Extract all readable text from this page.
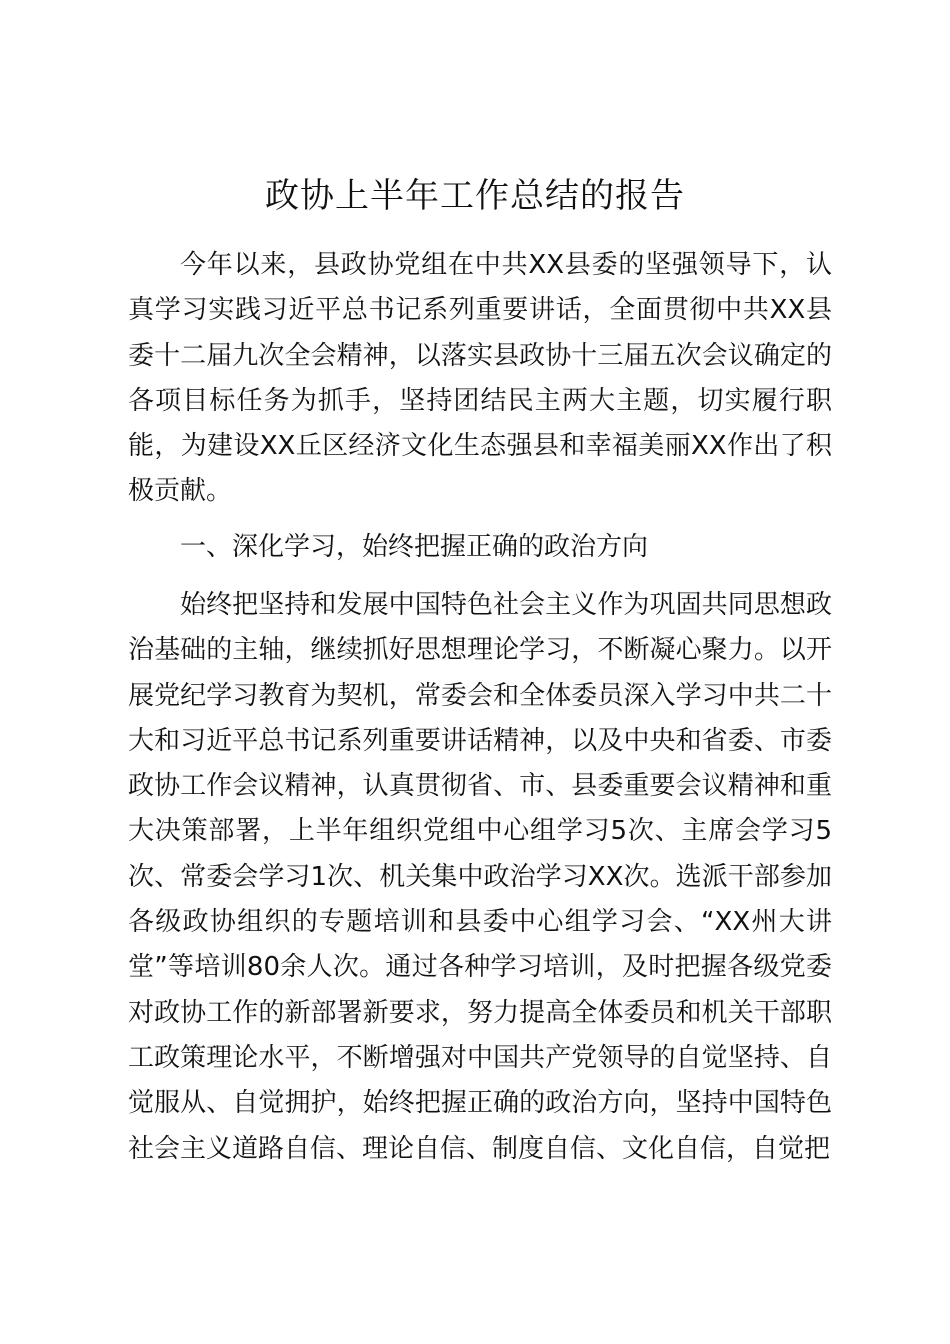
政协上半年工作总结的报告

今年以来，县政协党组在中共XX县委的坚强领导下，认真学习实践习近平总书记系列重要讲话，全面贯彻中共XX县委十二届九次全会精神，以落实县政协十三届五次会议确定的各项目标任务为抓手，坚持团结民主两大主题，切实履行职能，为建设XX丘区经济文化生态强县和幸福美丽XX作出了积极贡献。

一、深化学习，始终把握正确的政治方向

始终把坚持和发展中国特色社会主义作为巩固共同思想政治基础的主轴，继续抓好思想理论学习，不断凝心聚力。以开展党纪学习教育为契机，常委会和全体委员深入学习中共二十大和习近平总书记系列重要讲话精神，以及中央和省委、市委政协工作会议精神，认真贯彻省、市、县委重要会议精神和重大决策部署，上半年组织党组中心组学习5次、主席会学习5次、常委会学习1次、机关集中政治学习XX次。选派干部参加各级政协组织的专题培训和县委中心组学习会、“XX州大讲堂”等培训80余人次。通过各种学习培训，及时把握各级党委对政协工作的新部署新要求，努力提高全体委员和机关干部职工政策理论水平，不断增强对中国共产党领导的自觉坚持、自觉服从、自觉拥护，始终把握正确的政治方向，坚持中国特色社会主义道路自信、理论自信、制度自信、文化自信，自觉把
